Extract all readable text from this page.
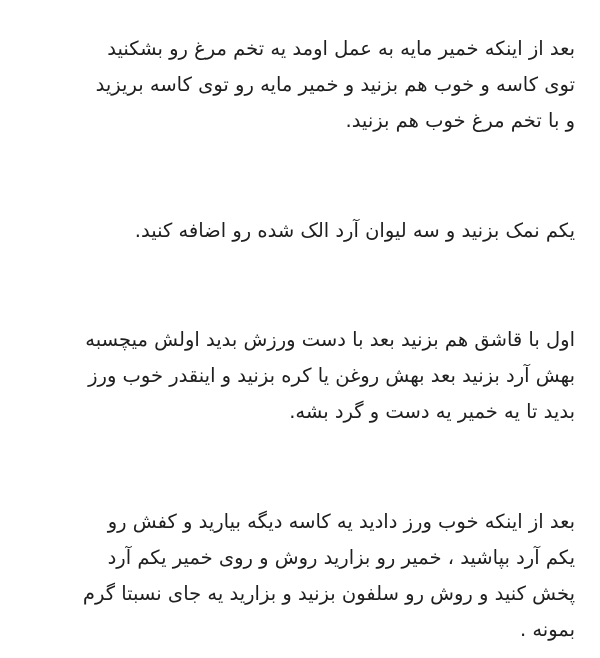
بعد از اینکه خمیر مایه به عمل اومد یه تخم مرغ رو بشکنید
توی کاسه و خوب هم بزنید و خمیر مایه رو توی کاسه بریزید
و با تخم مرغ خوب هم بزنید.
یکم نمک بزنید و سه لیوان آرد الک شده رو اضافه کنید.
اول با قاشق هم بزنید بعد با دست ورزش بدید اولش میچسبه
بهش آرد بزنید بعد بهش روغن یا کره بزنید و اینقدر خوب ورز
بدید تا یه خمیر یه دست و گرد بشه.
بعد از اینکه خوب ورز دادید یه کاسه دیگه بیارید و کفش رو
یکم آرد بپاشید ، خمیر رو بزارید روش و روی خمیر یکم آرد
پخش کنید و روش رو سلفون بزنید و بزارید یه جای نسبتا گرم
بمونه .
